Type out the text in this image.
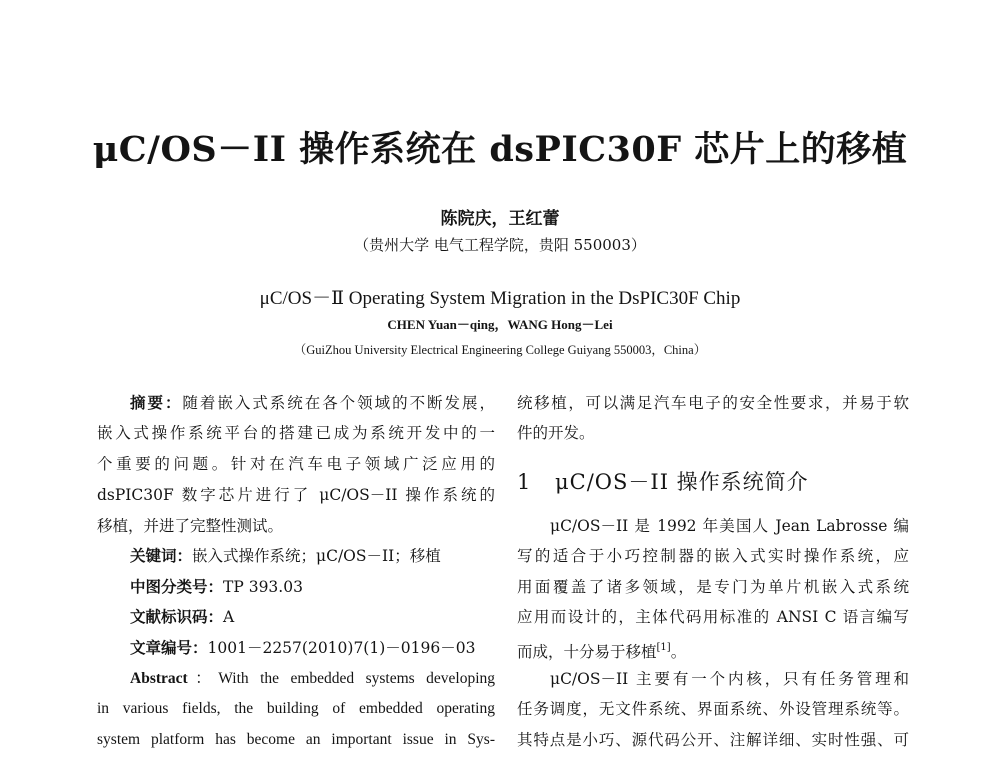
μC/OS－II 操作系统在 dsPIC30F 芯片上的移植
陈院庆，王红蕾
（贵州大学 电气工程学院，贵阳 550003）
μC/OS－Ⅱ Operating System Migration in the DsPIC30F Chip
CHEN Yuan－qing，WANG Hong－Lei
（GuiZhou University Electrical Engineering College Guiyang 550003，China）
摘要：随着嵌入式系统在各个领域的不断发展，
嵌入式操作系统平台的搭建已成为系统开发中的一
个重要的问题。针对在汽车电子领域广泛应用的
dsPIC30F 数字芯片进行了 μC/OS－II 操作系统的
移植，并进了完整性测试。
关键词：嵌入式操作系统；μC/OS－II；移植
中图分类号：TP 393.03
文献标识码：A
文章编号：1001－2257(2010)7(1)－0196－03
Abstract：With the embedded systems developing
in various fields, the building of embedded operating
system platform has become an important issue in Sys-
统移植，可以满足汽车电子的安全性要求，并易于软
件的开发。
1 μC/OS－II 操作系统简介
μC/OS－II 是 1992 年美国人 Jean Labrosse 编
写的适合于小巧控制器的嵌入式实时操作系统，应
用面覆盖了诸多领域，是专门为单片机嵌入式系统
应用而设计的，主体代码用标准的 ANSI C 语言编写
而成，十分易于移植[1]。
μC/OS－II 主要有一个内核，只有任务管理和
任务调度，无文件系统、界面系统、外设管理系统等。
其特点是小巧、源代码公开、注解详细、实时性强、可
